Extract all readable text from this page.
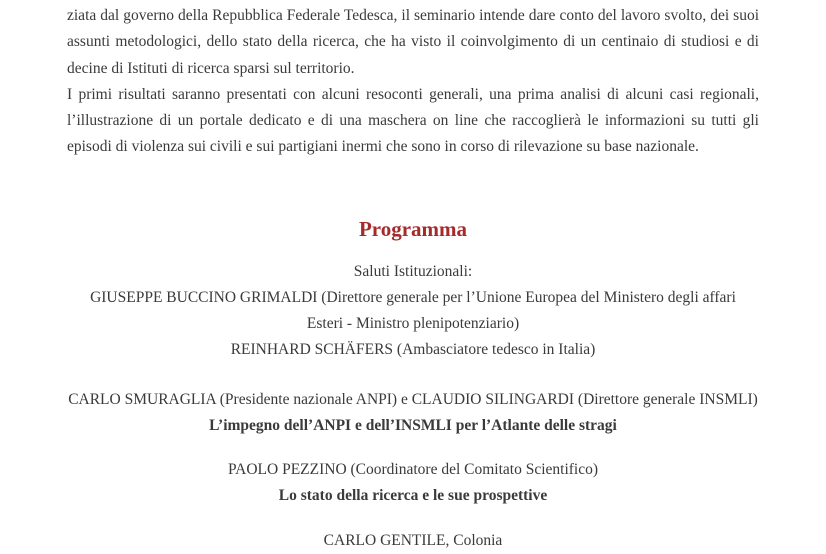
ziata dal governo della Repubblica Federale Tedesca, il seminario intende dare conto del lavoro svolto, dei suoi assunti metodologici, dello stato della ricerca, che ha visto il coinvolgimento di un centinaio di studiosi e di decine di Istituti di ricerca sparsi sul territorio.

I primi risultati saranno presentati con alcuni resoconti generali, una prima analisi di alcuni casi regionali, l’illustrazione di un portale dedicato e di una maschera on line che raccoglierà le informazioni su tutti gli episodi di violenza sui civili e sui partigiani inermi che sono in corso di rilevazione su base nazionale.

Programma
Saluti Istituzionali:
GIUSEPPE BUCCINO GRIMALDI (Direttore generale per l’Unione Europea del Ministero degli affari Esteri - Ministro plenipotenziario)
REINHARD SCHÄFERS (Ambasciatore tedesco in Italia)
CARLO SMURAGLIA (Presidente nazionale ANPI) e CLAUDIO SILINGARDI (Direttore generale INSMLI)
L’impegno dell’ANPI e dell’INSMLI per l’Atlante delle stragi
PAOLO PEZZINO (Coordinatore del Comitato Scientifico)
Lo stato della ricerca e le sue prospettive
CARLO GENTILE, Colonia
